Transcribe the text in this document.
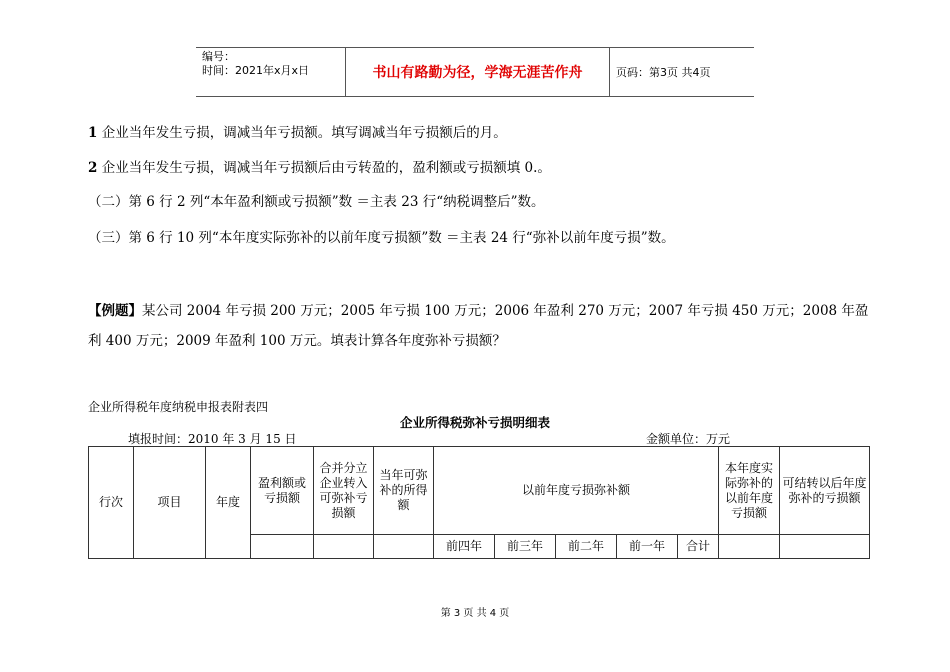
编号：
时间：2021年x月x日	书山有路勤为径，学海无涯苦作舟	页码：第3页 共4页
1 企业当年发生亏损，调减当年亏损额。填写调减当年亏损额后的月。
2 企业当年发生亏损，调减当年亏损额后由亏转盈的，盈利额或亏损额填 0.。
（二）第 6 行 2 列“本年盈利额或亏损额”数 ＝主表 23 行“纳税调整后”数。
（三）第 6 行 10 列“本年度实际弥补的以前年度亏损额”数 ＝主表 24 行“弥补以前年度亏损”数。
【例题】某公司 2004 年亏损 200 万元；2005 年亏损 100 万元；2006 年盈利 270 万元；2007 年亏损 450 万元；2008 年盈利 400 万元；2009 年盈利 100 万元。填表计算各年度弥补亏损额？
企业所得税年度纳税申报表附表四
企业所得税弥补亏损明细表
填报时间：2010 年 3 月 15 日	金额单位：万元
行次	项目	年度	盈利额或亏损额	合并分立企业转入可弥补亏损额	当年可弥补的所得额	以前年度亏损弥补额					本年度实际弥补的以前年度亏损额	可结转以后年度弥补的亏损额
						前四年	前三年	前二年	前一年	合计		
第 3 页 共 4 页
